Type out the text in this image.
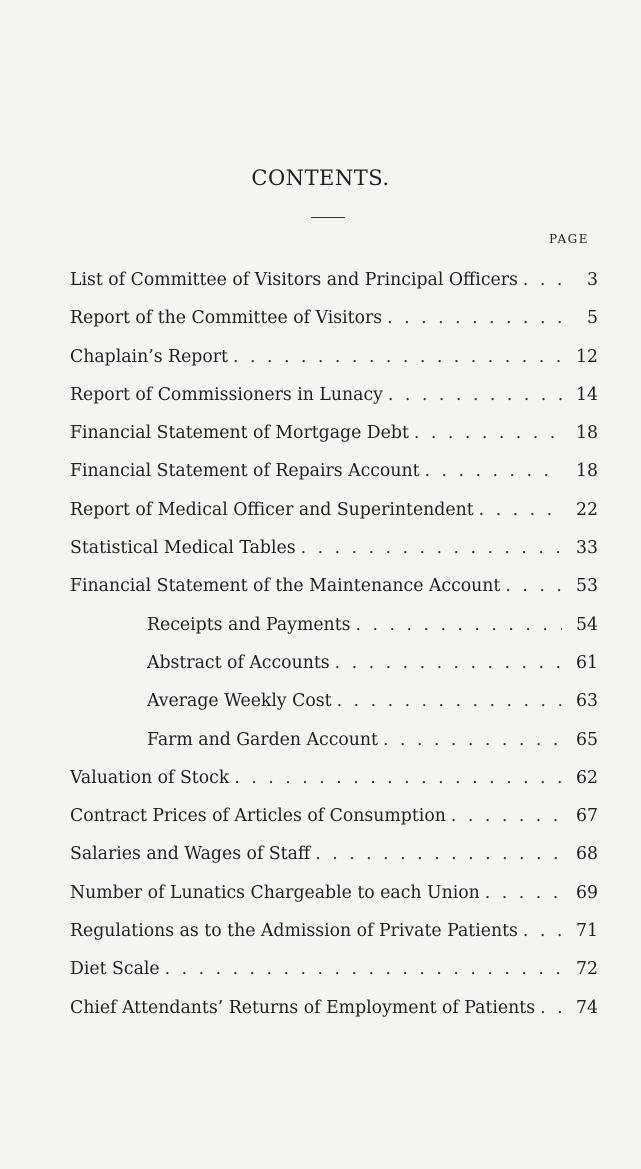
CONTENTS.
PAGE
List of Committee of Visitors and Principal Officers . . .	3
Report of the Committee of Visitors . . .	5
Chaplain’s Report . . .	12
Report of Commissioners in Lunacy . . .	14
Financial Statement of Mortgage Debt . . .	18
Financial Statement of Repairs Account . . .	18
Report of Medical Officer and Superintendent . . .	22
Statistical Medical Tables . . .	33
Financial Statement of the Maintenance Account . . .	53
Receipts and Payments . . .	54
Abstract of Accounts . . .	61
Average Weekly Cost . . .	63
Farm and Garden Account . . .	65
Valuation of Stock . . .	62
Contract Prices of Articles of Consumption . . .	67
Salaries and Wages of Staff . . .	68
Number of Lunatics Chargeable to each Union . . .	69
Regulations as to the Admission of Private Patients . . .	71
Diet Scale . . .	72
Chief Attendants’ Returns of Employment of Patients . . .	74
